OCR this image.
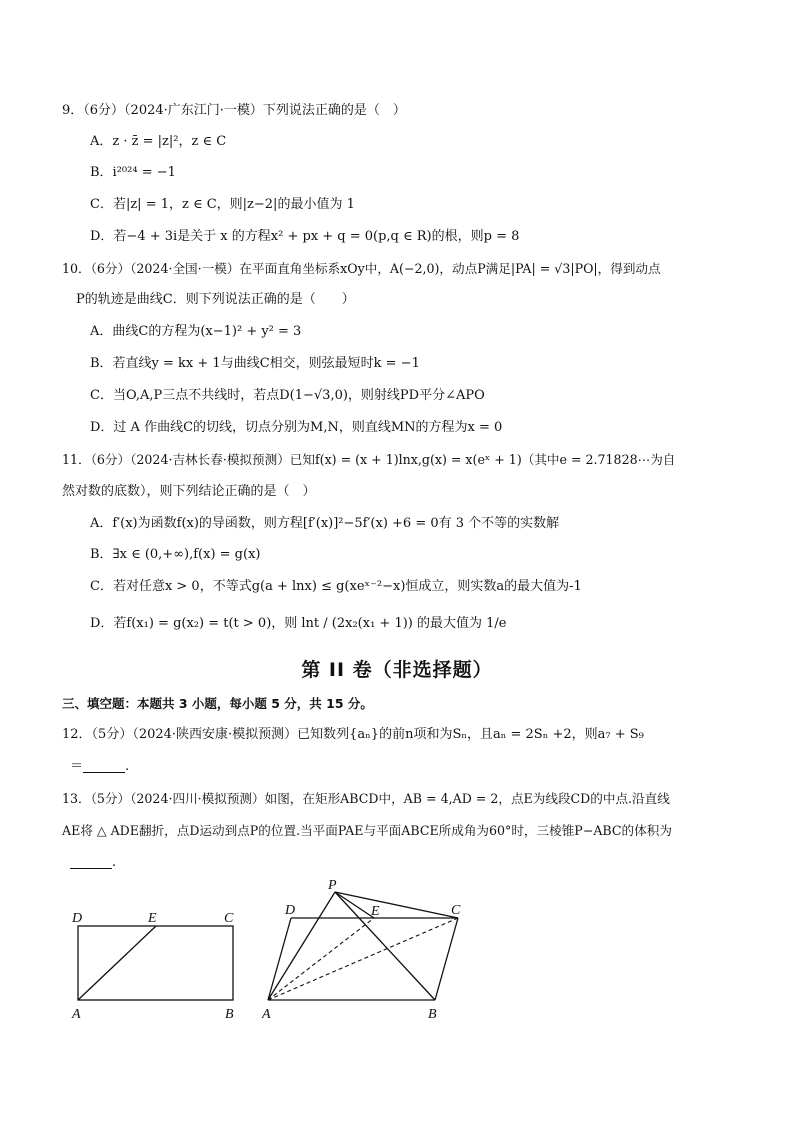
9．（6分）（2024·广东江门·一模）下列说法正确的是（　）
A．z · z̄ = |z|²，z ∈ C
B．i²⁰²⁴ = −1
C．若|z| = 1，z ∈ C，则|z−2|的最小值为 1
D．若−4 + 3i是关于 x 的方程x² + px + q = 0(p,q ∈ R)的根，则p = 8
10．（6分）（2024·全国·一模）在平面直角坐标系xOy中，A(−2,0)，动点P满足|PA| = √3|PO|，得到动点
P的轨迹是曲线C．则下列说法正确的是（　　）
A．曲线C的方程为(x−1)² + y² = 3
B．若直线y = kx + 1与曲线C相交，则弦最短时k = −1
C．当O,A,P三点不共线时，若点D(1−√3,0)，则射线PD平分∠APO
D．过 A 作曲线C的切线，切点分别为M,N，则直线MN的方程为x = 0
11．（6分）（2024·吉林长春·模拟预测）已知f(x) = (x + 1)lnx,g(x) = x(eˣ + 1)（其中e = 2.71828⋯为自
然对数的底数），则下列结论正确的是（　）
A．f′(x)为函数f(x)的导函数，则方程[f′(x)]²−5f′(x) +6 = 0有 3 个不等的实数解
B．∃x ∈ (0,+∞),f(x) = g(x)
C．若对任意x > 0，不等式g(a + lnx) ≤ g(xeˣ⁻²−x)恒成立，则实数a的最大值为-1
D．若f(x₁) = g(x₂) = t(t > 0)，则 lnt / (2x₂(x₁ + 1)) 的最大值为 1/e
第 II 卷（非选择题）
三、填空题：本题共 3 小题，每小题 5 分，共 15 分。
12．（5分）（2024·陕西安康·模拟预测）已知数列{aₙ}的前n项和为Sₙ，且aₙ = 2Sₙ +2，则a₇ + S₉
＝	.
13．（5分）（2024·四川·模拟预测）如图，在矩形ABCD中，AB = 4,AD = 2，点E为线段CD的中点.沿直线
AE将 △ ADE翻折，点D运动到点P的位置.当平面PAE与平面ABCE所成角为60°时，三棱锥P−ABC的体积为
.
D	E	C
A	B
P
D	E	C
A	B
